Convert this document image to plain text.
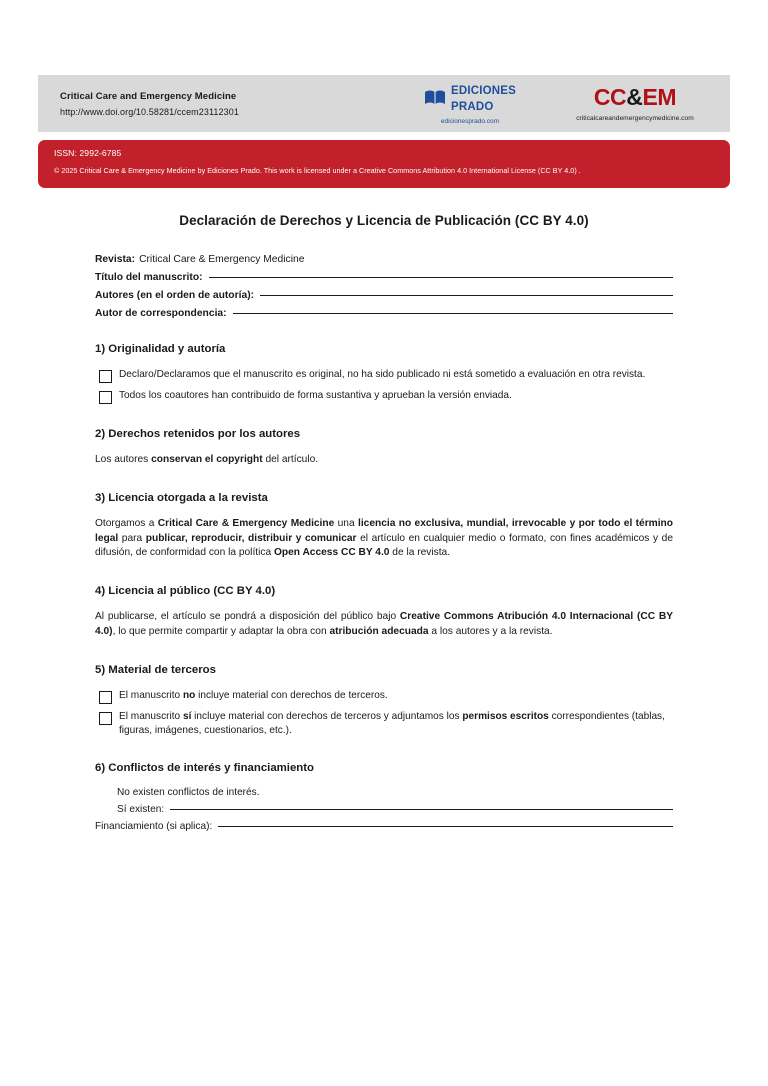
Critical Care and Emergency Medicine
http://www.doi.org/10.58281/ccem23112301
EDICIONES
PRADO
edicionesprado.com
CC&EM
criticalcareandemergencymedicine.com
ISSN: 2992-6785
© 2025 Critical Care & Emergency Medicine by Ediciones Prado. This work is licensed under a Creative Commons Attribution 4.0 International License (CC BY 4.0) .
Declaración de Derechos y Licencia de Publicación (CC BY 4.0)
Revista: Critical Care & Emergency Medicine
Título del manuscrito:
Autores (en el orden de autoría):
Autor de correspondencia:
1) Originalidad y autoría
Declaro/Declaramos que el manuscrito es original, no ha sido publicado ni está sometido a evaluación en otra revista.
Todos los coautores han contribuido de forma sustantiva y aprueban la versión enviada.
2) Derechos retenidos por los autores

Los autores conservan el copyright del artículo.

3) Licencia otorgada a la revista

Otorgamos a Critical Care & Emergency Medicine una licencia no exclusiva, mundial, irrevocable y por todo el término legal para publicar, reproducir, distribuir y comunicar el artículo en cualquier medio o formato, con fines académicos y de difusión, de conformidad con la política Open Access CC BY 4.0 de la revista.

4) Licencia al público (CC BY 4.0)

Al publicarse, el artículo se pondrá a disposición del público bajo Creative Commons Atribución 4.0 Internacional (CC BY 4.0), lo que permite compartir y adaptar la obra con atribución adecuada a los autores y a la revista.

5) Material de terceros
El manuscrito no incluye material con derechos de terceros.
El manuscrito sí incluye material con derechos de terceros y adjuntamos los permisos escritos correspondientes (tablas, figuras, imágenes, cuestionarios, etc.).
6) Conflictos de interés y financiamiento
No existen conflictos de interés.
Sí existen:
Financiamiento (si aplica):
